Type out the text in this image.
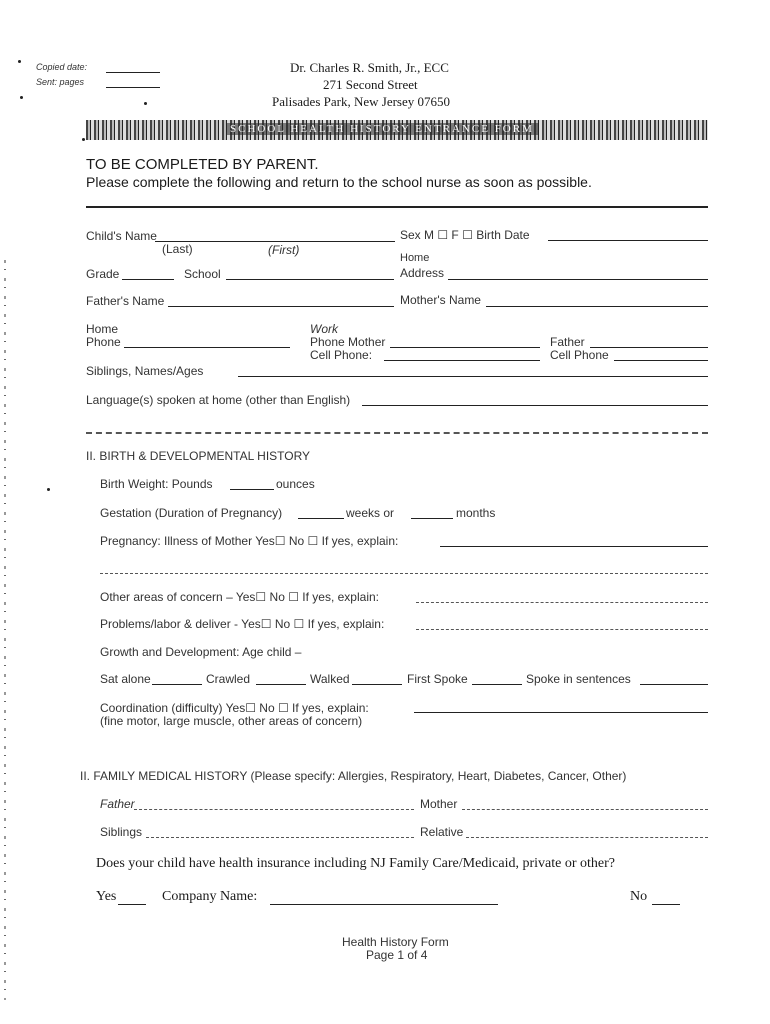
Copied date:
Sent: pages
Dr. Charles R. Smith, Jr., ECC
271 Second Street
Palisades Park, New Jersey 07650
SCHOOL HEALTH HISTORY ENTRANCE FORM
TO BE COMPLETED BY PARENT.
Please complete the following and return to the school nurse as soon as possible.
Child's Name
(Last)	(First)
Sex M ☐ F ☐ Birth Date
Home
Grade	School	Address
Father's Name	Mother's Name
Home
Phone
Work
Phone Mother	Father
Cell Phone:	Cell Phone
Siblings, Names/Ages
Language(s) spoken at home (other than English)
II. BIRTH & DEVELOPMENTAL HISTORY
Birth Weight: Pounds	ounces
Gestation (Duration of Pregnancy)	weeks or	months
Pregnancy: Illness of Mother Yes☐ No ☐ If yes, explain:
Other areas of concern – Yes☐ No ☐ If yes, explain:
Problems/labor & deliver - Yes☐ No ☐ If yes, explain:
Growth and Development: Age child –
Sat alone	Crawled	Walked	First Spoke	Spoke in sentences
Coordination (difficulty) Yes☐ No ☐ If yes, explain:
(fine motor, large muscle, other areas of concern)
II. FAMILY MEDICAL HISTORY (Please specify: Allergies, Respiratory, Heart, Diabetes, Cancer, Other)
Father	Mother
Siblings	Relative
Does your child have health insurance including NJ Family Care/Medicaid, private or other?
Yes	Company Name:	No
Health History Form
Page 1 of 4
